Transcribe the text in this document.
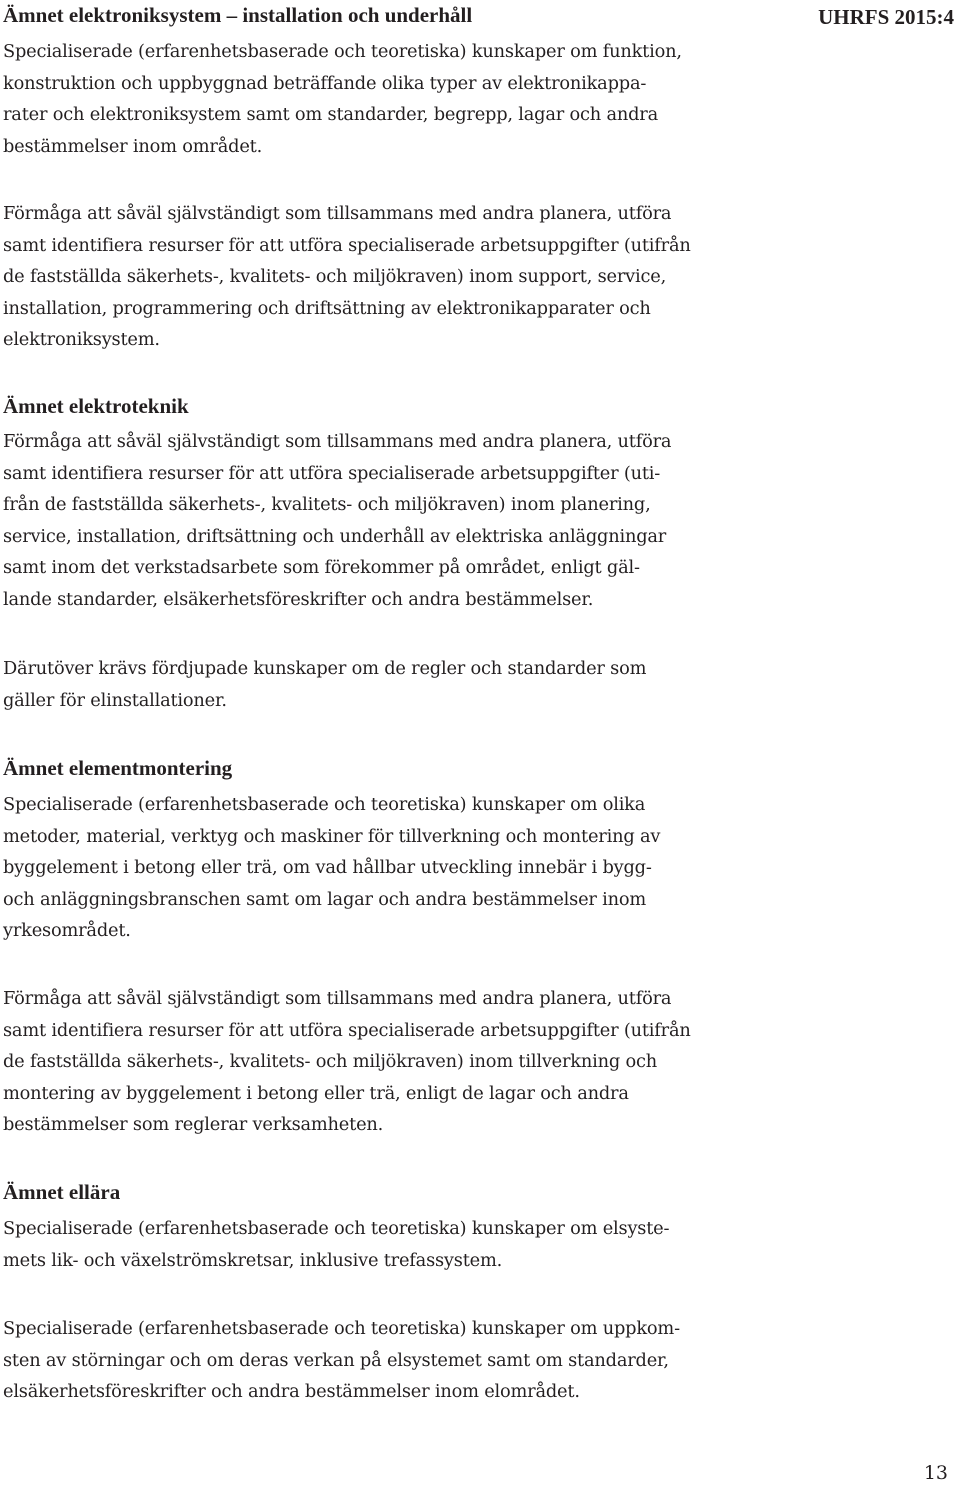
UHRFS 2015:4
Ämnet elektroniksystem – installation och underhåll
Specialiserade (erfarenhetsbaserade och teoretiska) kunskaper om funktion,
konstruktion och uppbyggnad beträffande olika typer av elektronikappa-
rater och elektroniksystem samt om standarder, begrepp, lagar och andra
bestämmelser inom området.
Förmåga att såväl självständigt som tillsammans med andra planera, utföra
samt identifiera resurser för att utföra specialiserade arbetsuppgifter (utifrån
de fastställda säkerhets-, kvalitets- och miljökraven) inom support, service,
installation, programmering och driftsättning av elektronikapparater och
elektroniksystem.
Ämnet elektroteknik
Förmåga att såväl självständigt som tillsammans med andra planera, utföra
samt identifiera resurser för att utföra specialiserade arbetsuppgifter (uti-
från de fastställda säkerhets-, kvalitets- och miljökraven) inom planering,
service, installation, driftsättning och underhåll av elektriska anläggningar
samt inom det verkstadsarbete som förekommer på området, enligt gäl-
lande standarder, elsäkerhetsföreskrifter och andra bestämmelser.
Därutöver krävs fördjupade kunskaper om de regler och standarder som
gäller för elinstallationer.
Ämnet elementmontering
Specialiserade (erfarenhetsbaserade och teoretiska) kunskaper om olika
metoder, material, verktyg och maskiner för tillverkning och montering av
byggelement i betong eller trä, om vad hållbar utveckling innebär i bygg-
och anläggningsbranschen samt om lagar och andra bestämmelser inom
yrkesområdet.
Förmåga att såväl självständigt som tillsammans med andra planera, utföra
samt identifiera resurser för att utföra specialiserade arbetsuppgifter (utifrån
de fastställda säkerhets-, kvalitets- och miljökraven) inom tillverkning och
montering av byggelement i betong eller trä, enligt de lagar och andra
bestämmelser som reglerar verksamheten.
Ämnet ellära
Specialiserade (erfarenhetsbaserade och teoretiska) kunskaper om elsyste-
mets lik- och växelströmskretsar, inklusive trefassystem.
Specialiserade (erfarenhetsbaserade och teoretiska) kunskaper om uppkom-
sten av störningar och om deras verkan på elsystemet samt om standarder,
elsäkerhetsföreskrifter och andra bestämmelser inom elområdet.
13
